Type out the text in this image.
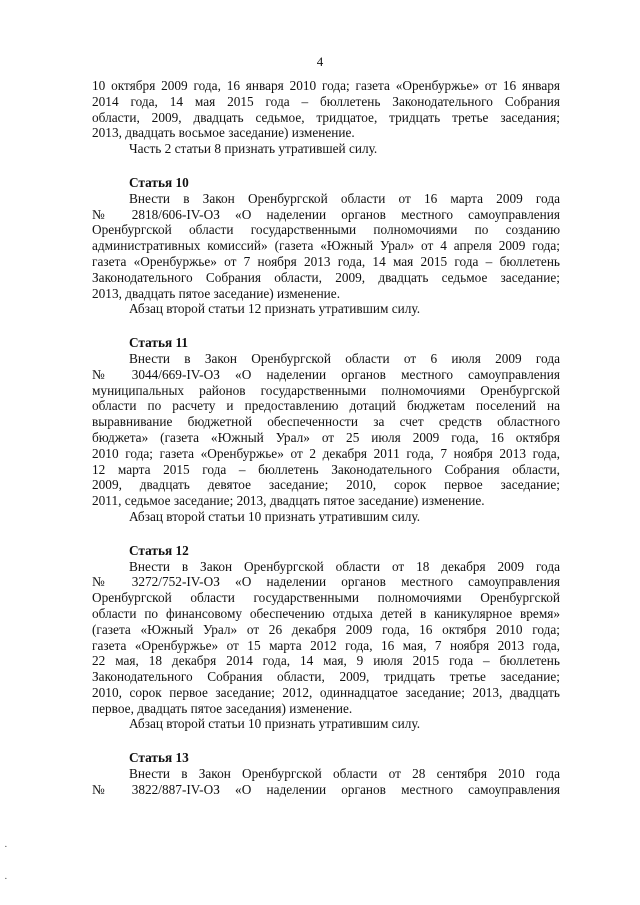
4
10 октября 2009 года, 16 января 2010 года; газета «Оренбуржье» от 16 января
2014 года, 14 мая 2015 года – бюллетень Законодательного Собрания
области, 2009, двадцать седьмое, тридцатое, тридцать третье заседания;
2013, двадцать восьмое заседание) изменение.
Часть 2 статьи 8 признать утратившей силу.
Статья 10
Внести в Закон Оренбургской области от 16 марта 2009 года
№ 2818/606-IV-ОЗ «О наделении органов местного самоуправления
Оренбургской области государственными полномочиями по созданию
административных комиссий» (газета «Южный Урал» от 4 апреля 2009 года;
газета «Оренбуржье» от 7 ноября 2013 года, 14 мая 2015 года – бюллетень
Законодательного Собрания области, 2009, двадцать седьмое заседание;
2013, двадцать пятое заседание) изменение.
Абзац второй статьи 12 признать утратившим силу.
Статья 11
Внести в Закон Оренбургской области от 6 июля 2009 года
№ 3044/669-IV-ОЗ «О наделении органов местного самоуправления
муниципальных районов государственными полномочиями Оренбургской
области по расчету и предоставлению дотаций бюджетам поселений на
выравнивание бюджетной обеспеченности за счет средств областного
бюджета» (газета «Южный Урал» от 25 июля 2009 года, 16 октября
2010 года; газета «Оренбуржье» от 2 декабря 2011 года, 7 ноября 2013 года,
12 марта 2015 года – бюллетень Законодательного Собрания области,
2009, двадцать девятое заседание; 2010, сорок первое заседание;
2011, седьмое заседание; 2013, двадцать пятое заседание) изменение.
Абзац второй статьи 10 признать утратившим силу.
Статья 12
Внести в Закон Оренбургской области от 18 декабря 2009 года
№ 3272/752-IV-ОЗ «О наделении органов местного самоуправления
Оренбургской области государственными полномочиями Оренбургской
области по финансовому обеспечению отдыха детей в каникулярное время»
(газета «Южный Урал» от 26 декабря 2009 года, 16 октября 2010 года;
газета «Оренбуржье» от 15 марта 2012 года, 16 мая, 7 ноября 2013 года,
22 мая, 18 декабря 2014 года, 14 мая, 9 июля 2015 года – бюллетень
Законодательного Собрания области, 2009, тридцать третье заседание;
2010, сорок первое заседание; 2012, одиннадцатое заседание; 2013, двадцать
первое, двадцать пятое заседания) изменение.
Абзац второй статьи 10 признать утратившим силу.
Статья 13
Внести в Закон Оренбургской области от 28 сентября 2010 года
№ 3822/887-IV-ОЗ «О наделении органов местного самоуправления
·
·
